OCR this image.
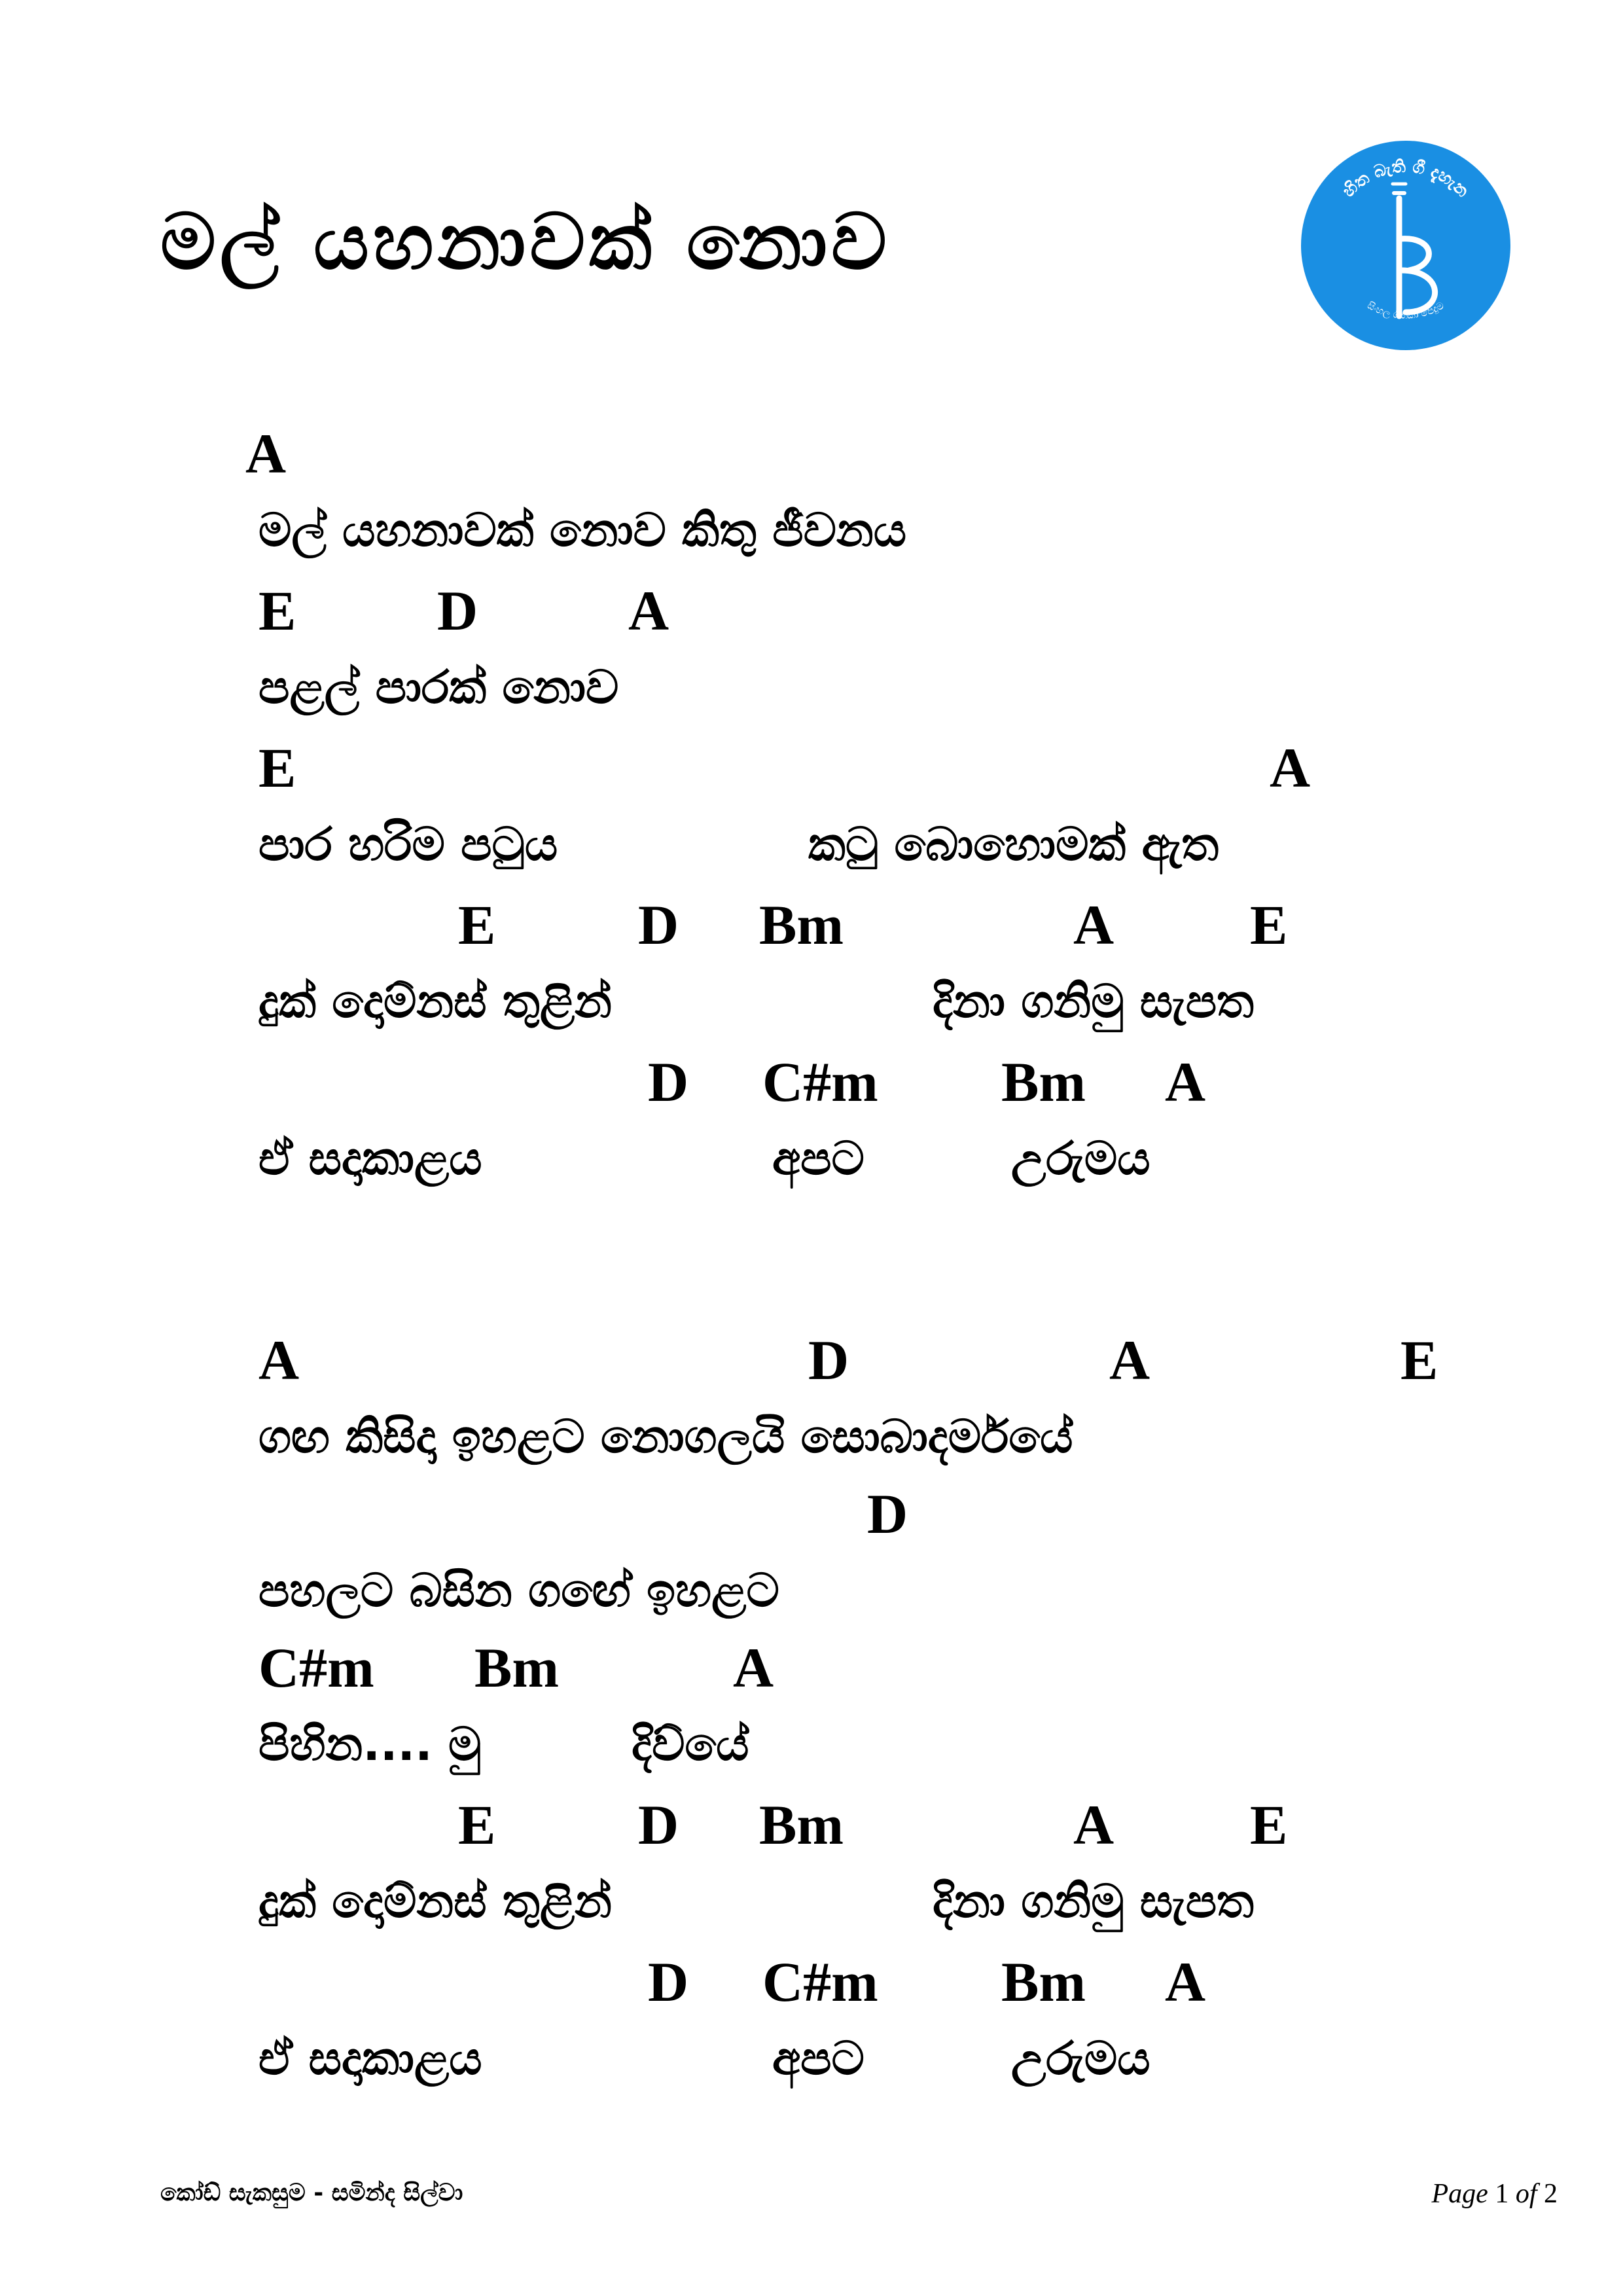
මල් යහනාවක් නොව
හිත බැති ගී දැහැන
සිංහල ගීතිකා පෙදුම
A
මල් යහනාවක් නොව කිතු ජීවනය
E	D	A
පළල් පාරක් නොව
E	A
පාර හරිම පටුය	කටු බොහොමක් ඇත
E	D Bm	A E
දුක් දොම්නස් තුළින්	දිනා ගනිමු සැපත
D C#m Bm A
ඒ සදාකාළය	අපට	උරුමය
A	D	A	E
ගඟ කිසිදා ඉහළට නොගලයි සොබාදර්මයේ
D
පහලට බසින ගඟේ ඉහළට
C#m Bm	A
පිහින.... මු	දිව්යේ
E	D Bm	A E
දුක් දොම්නස් තුළින්	දිනා ගනිමු සැපත
D C#m Bm A
ඒ සදාකාළය	අපට	උරුමය
කෝඩ් සැකසුම - සමින්ද සිල්වා	Page 1 of 2
